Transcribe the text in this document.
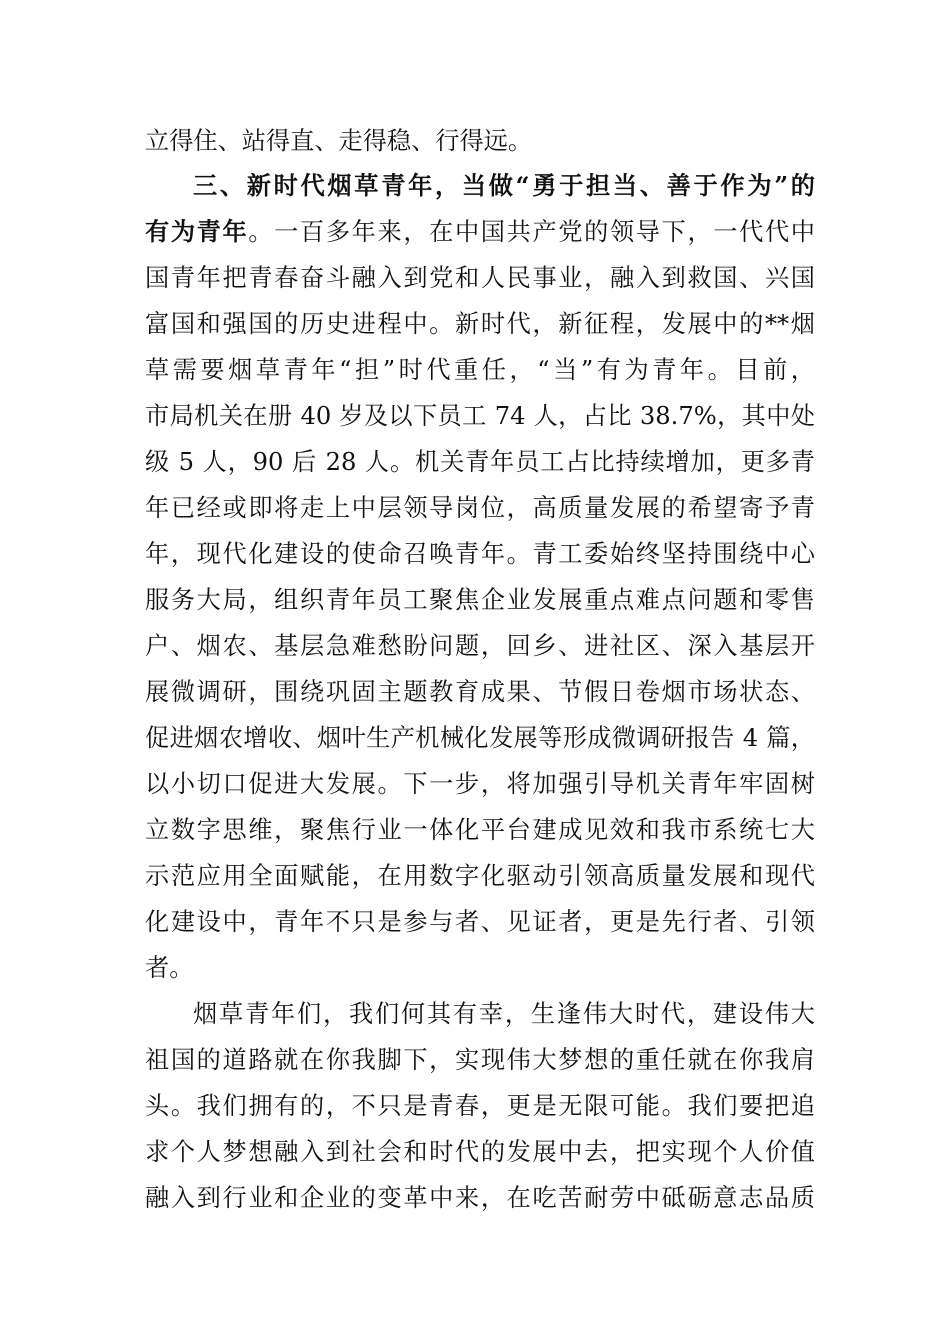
立得住、站得直、走得稳、行得远。
三、新时代烟草青年，当做“勇于担当、善于作为”的
有为青年。一百多年来，在中国共产党的领导下，一代代中
国青年把青春奋斗融入到党和人民事业，融入到救国、兴国
富国和强国的历史进程中。新时代，新征程，发展中的**烟
草需要烟草青年“担”时代重任，“当”有为青年。目前，
市局机关在册 40 岁及以下员工 74 人，占比 38.7%，其中处
级 5 人，90 后 28 人。机关青年员工占比持续增加，更多青
年已经或即将走上中层领导岗位，高质量发展的希望寄予青
年，现代化建设的使命召唤青年。青工委始终坚持围绕中心
服务大局，组织青年员工聚焦企业发展重点难点问题和零售
户、烟农、基层急难愁盼问题，回乡、进社区、深入基层开
展微调研，围绕巩固主题教育成果、节假日卷烟市场状态、
促进烟农增收、烟叶生产机械化发展等形成微调研报告 4 篇，
以小切口促进大发展。下一步，将加强引导机关青年牢固树
立数字思维，聚焦行业一体化平台建成见效和我市系统七大
示范应用全面赋能，在用数字化驱动引领高质量发展和现代
化建设中，青年不只是参与者、见证者，更是先行者、引领
者。
烟草青年们，我们何其有幸，生逢伟大时代，建设伟大
祖国的道路就在你我脚下，实现伟大梦想的重任就在你我肩
头。我们拥有的，不只是青春，更是无限可能。我们要把追
求个人梦想融入到社会和时代的发展中去，把实现个人价值
融入到行业和企业的变革中来，在吃苦耐劳中砥砺意志品质
